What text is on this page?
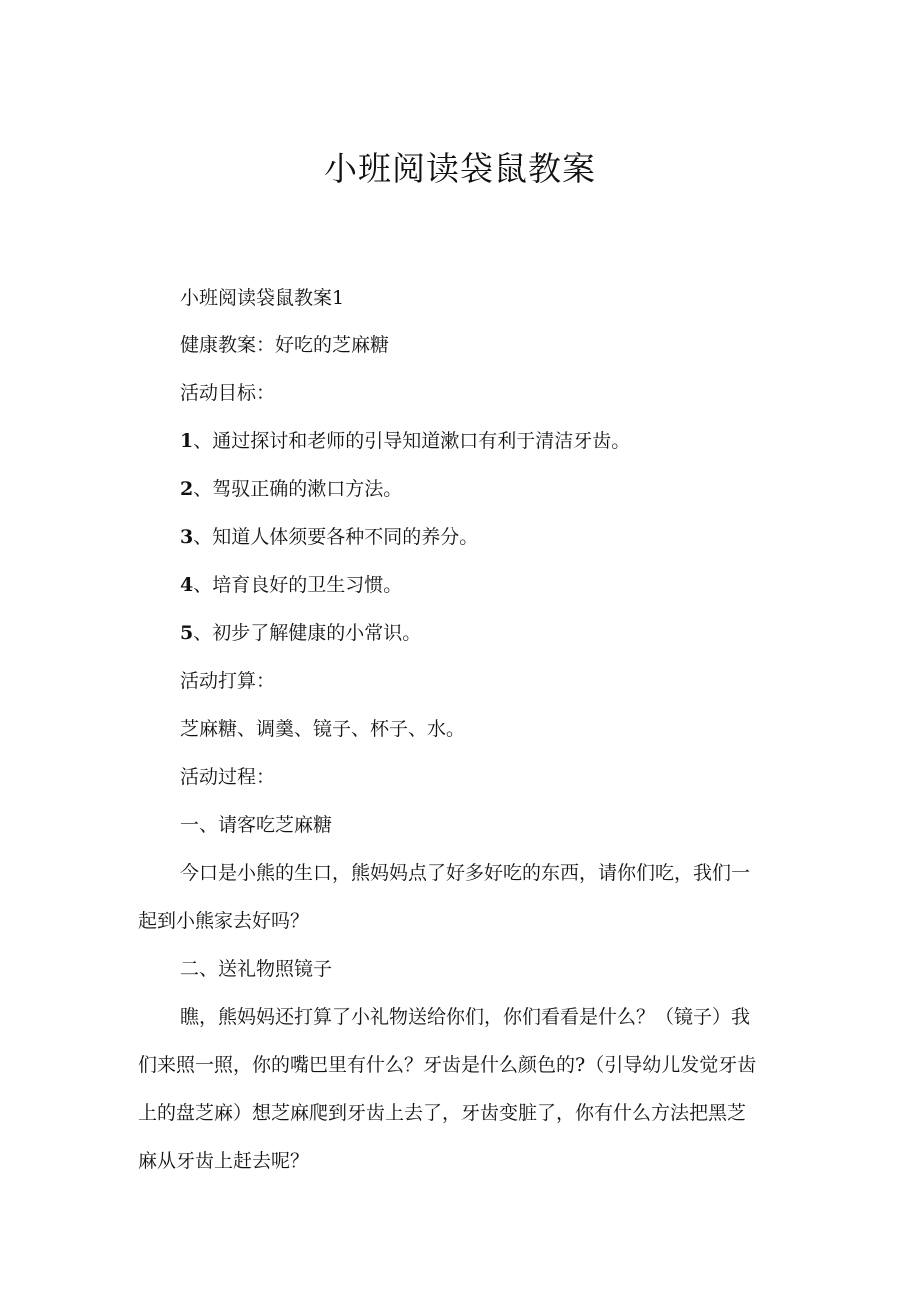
小班阅读袋鼠教案

小班阅读袋鼠教案1

健康教案：好吃的芝麻糖

活动目标：

1、通过探讨和老师的引导知道漱口有利于清洁牙齿。

2、驾驭正确的漱口方法。

3、知道人体须要各种不同的养分。

4、培育良好的卫生习惯。

5、初步了解健康的小常识。

活动打算：

芝麻糖、调羹、镜子、杯子、水。

活动过程：

一、请客吃芝麻糖

今口是小熊的生口，熊妈妈点了好多好吃的东西，请你们吃，我们一

起到小熊家去好吗？

二、送礼物照镜子

瞧，熊妈妈还打算了小礼物送给你们，你们看看是什么？（镜子）我

们来照一照，你的嘴巴里有什么？牙齿是什么颜色的?（引导幼儿发觉牙齿

上的盘芝麻）想芝麻爬到牙齿上去了，牙齿变脏了，你有什么方法把黑芝

麻从牙齿上赶去呢？
